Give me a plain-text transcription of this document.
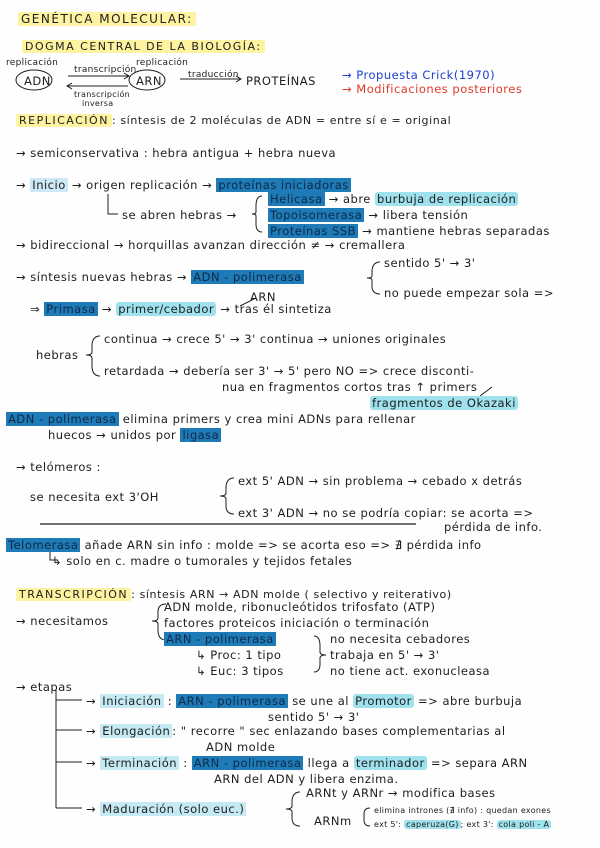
GENÉTICA MOLECULAR:
DOGMA CENTRAL DE LA BIOLOGÍA:
replicación
ADN
transcripción
transcripción
inversa
replicación
ARN	traducción PROTEÍNAS → Propuesta Crick(1970)
→ Modificaciones posteriores
REPLICACIÓN : síntesis de 2 moléculas de ADN = entre sí e = original
→ semiconservativa : hebra antigua + hebra nueva
→ Inicio → origen replicación → proteínas iniciadoras
se abren hebras →
Helicasa → abre burbuja de replicación
Topoisomerasa → libera tensión
Proteínas SSB → mantiene hebras separadas
→ bidireccional → horquillas avanzan dirección ≠ → cremallera
→ síntesis nuevas hebras → ADN - polimerasa
sentido 5' → 3'
no puede empezar sola =>
ARN
⇒ Primasa → primer/cebador → tras él sintetiza
hebras
continua → crece 5' → 3' continua → uniones originales
retardada → debería ser 3' → 5' pero NO => crece disconti-
nua en fragmentos cortos tras ↑ primers
fragmentos de Okazaki
ADN - polimerasa elimina primers y crea mini ADNs para rellenar
huecos → unidos por ligasa
→ telómeros :
se necesita ext 3'OH
ext 5' ADN → sin problema → cebado x detrás
ext 3' ADN → no se podría copiar: se acorta =>
pérdida de info.
Telomerasa añade ARN sin info : molde => se acorta eso => ∄ pérdida info
↳ solo en c. madre o tumorales y tejidos fetales
TRANSCRIPCIÓN : síntesis ARN → ADN molde ( selectivo y reiterativo)
→ necesitamos
ADN molde, ribonucleótidos trifosfato (ATP)
factores proteicos iniciación o terminación
ARN - polimerasa	no necesita cebadores
trabaja en 5' → 3'
no tiene act. exonucleasa
↳ Proc: 1 tipo
↳ Euc: 3 tipos
→ etapas
→ Iniciación : ARN - polimerasa se une al Promotor => abre burbuja
sentido 5' → 3'
→ Elongación : " recorre " sec enlazando bases complementarias al
ADN molde
→ Terminación : ARN - polimerasa llega a terminador => separa ARN
ARN del ADN y libera enzima.
→ Maduración (solo euc.)
ARNt y ARNr → modifica bases
ARNm
elimina intrones (∄ info) : quedan exones
ext 5': caperuza(G) ; ext 3': cola poli - A
